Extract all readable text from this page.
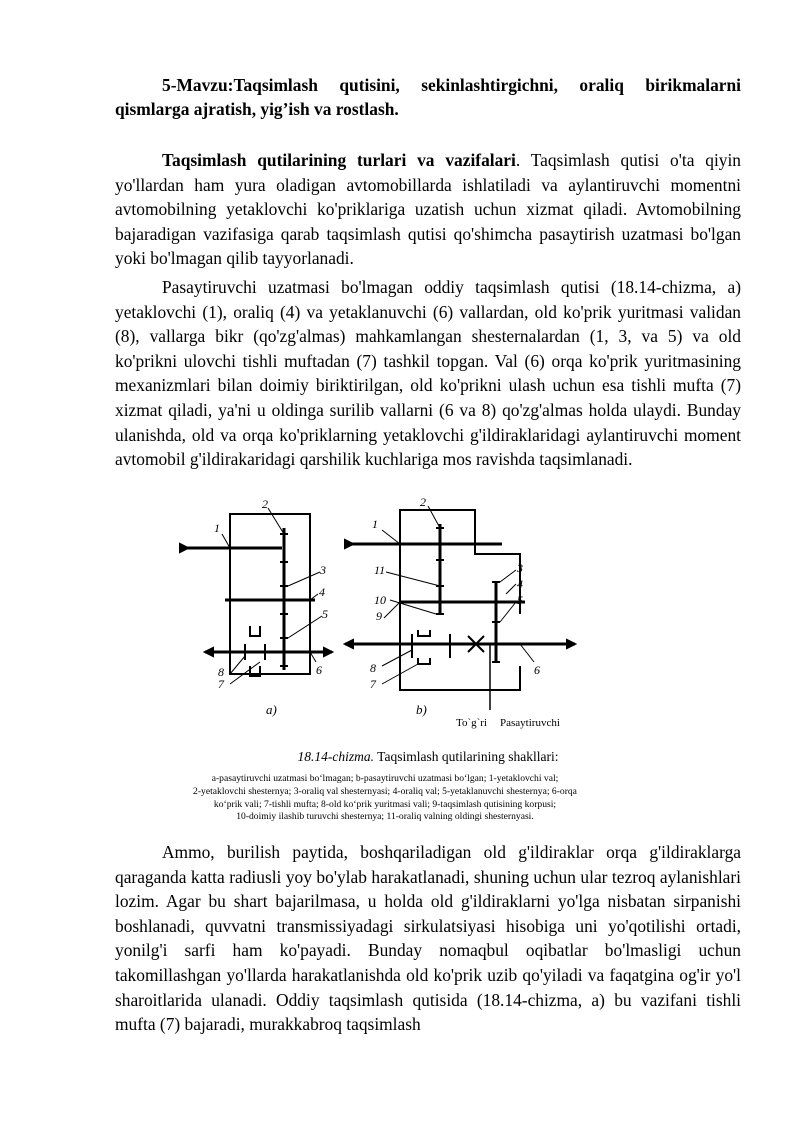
5-Mavzu:Taqsimlash qutisini, sekinlashtirgichni, oraliq birikmalarni qismlarga ajratish, yig’ish va rostlash.
Taqsimlash qutilarining turlari va vazifalari. Taqsimlash qutisi o'ta qiyin yo'llardan ham yura oladigan avtomobillarda ishlatiladi va aylantiruvchi momentni avtomobilning yetaklovchi ko'priklariga uzatish uchun xizmat qiladi. Avtomobilning bajaradigan vazifasiga qarab taqsimlash qutisi qo'shimcha pasaytirish uzatmasi bo'lgan yoki bo'lmagan qilib tayyorlanadi.
Pasaytiruvchi uzatmasi bo'lmagan oddiy taqsimlash qutisi (18.14-chizma, a) yetaklovchi (1), oraliq (4) va yetaklanuvchi (6) vallardan, old ko'prik yuritmasi validan (8), vallarga bikr (qo'zg'almas) mahkamlangan shesternalardan (1, 3, va 5) va old ko'prikni ulovchi tishli muftadan (7) tashkil topgan. Val (6) orqa ko'prik yuritmasining mexanizmlari bilan doimiy biriktirilgan, old ko'prikni ulash uchun esa tishli mufta (7) xizmat qiladi, ya'ni u oldinga surilib vallarni (6 va 8) qo'zg'almas holda ulaydi. Bunday ulanishda, old va orqa ko'priklarning yetaklovchi g'ildiraklaridagi aylantiruvchi moment avtomobil g'ildirakaridagi qarshilik kuchlariga mos ravishda taqsimlanadi.
1
2
3
4
5
6
7
8
1
2
3
4
5
6
7
8
9
10
11
a)	b)
To`g`ri Pasaytiruvchi
18.14-chizma. Taqsimlash qutilarining shakllari:
a-pasaytiruvchi uzatmasi bo‘lmagan; b-pasaytiruvchi uzatmasi bo‘lgan; 1-yetaklovchi val;
2-yetaklovchi shesternya; 3-oraliq val shesternyasi; 4-oraliq val; 5-yetaklanuvchi shesternya; 6-orqa
ko‘prik vali; 7-tishli mufta; 8-old ko‘prik yuritmasi vali; 9-taqsimlash qutisining korpusi;
10-doimiy ilashib turuvchi shesternya; 11-oraliq valning oldingi shesternyasi.
Ammo, burilish paytida, boshqariladigan old g'ildiraklar orqa g'ildiraklarga qaraganda katta radiusli yoy bo'ylab harakatlanadi, shuning uchun ular tezroq aylanishlari lozim. Agar bu shart bajarilmasa, u holda old g'ildiraklarni yo'lga nisbatan sirpanishi boshlanadi, quvvatni transmissiyadagi sirkulatsiyasi hisobiga uni yo'qotilishi ortadi, yonilg'i sarfi ham ko'payadi. Bunday nomaqbul oqibatlar bo'lmasligi uchun takomillashgan yo'llarda harakatlanishda old ko'prik uzib qo'yiladi va faqatgina og'ir yo'l sharoitlarida ulanadi. Oddiy taqsimlash qutisida (18.14-chizma, a) bu vazifani tishli mufta (7) bajaradi, murakkabroq taqsimlash
